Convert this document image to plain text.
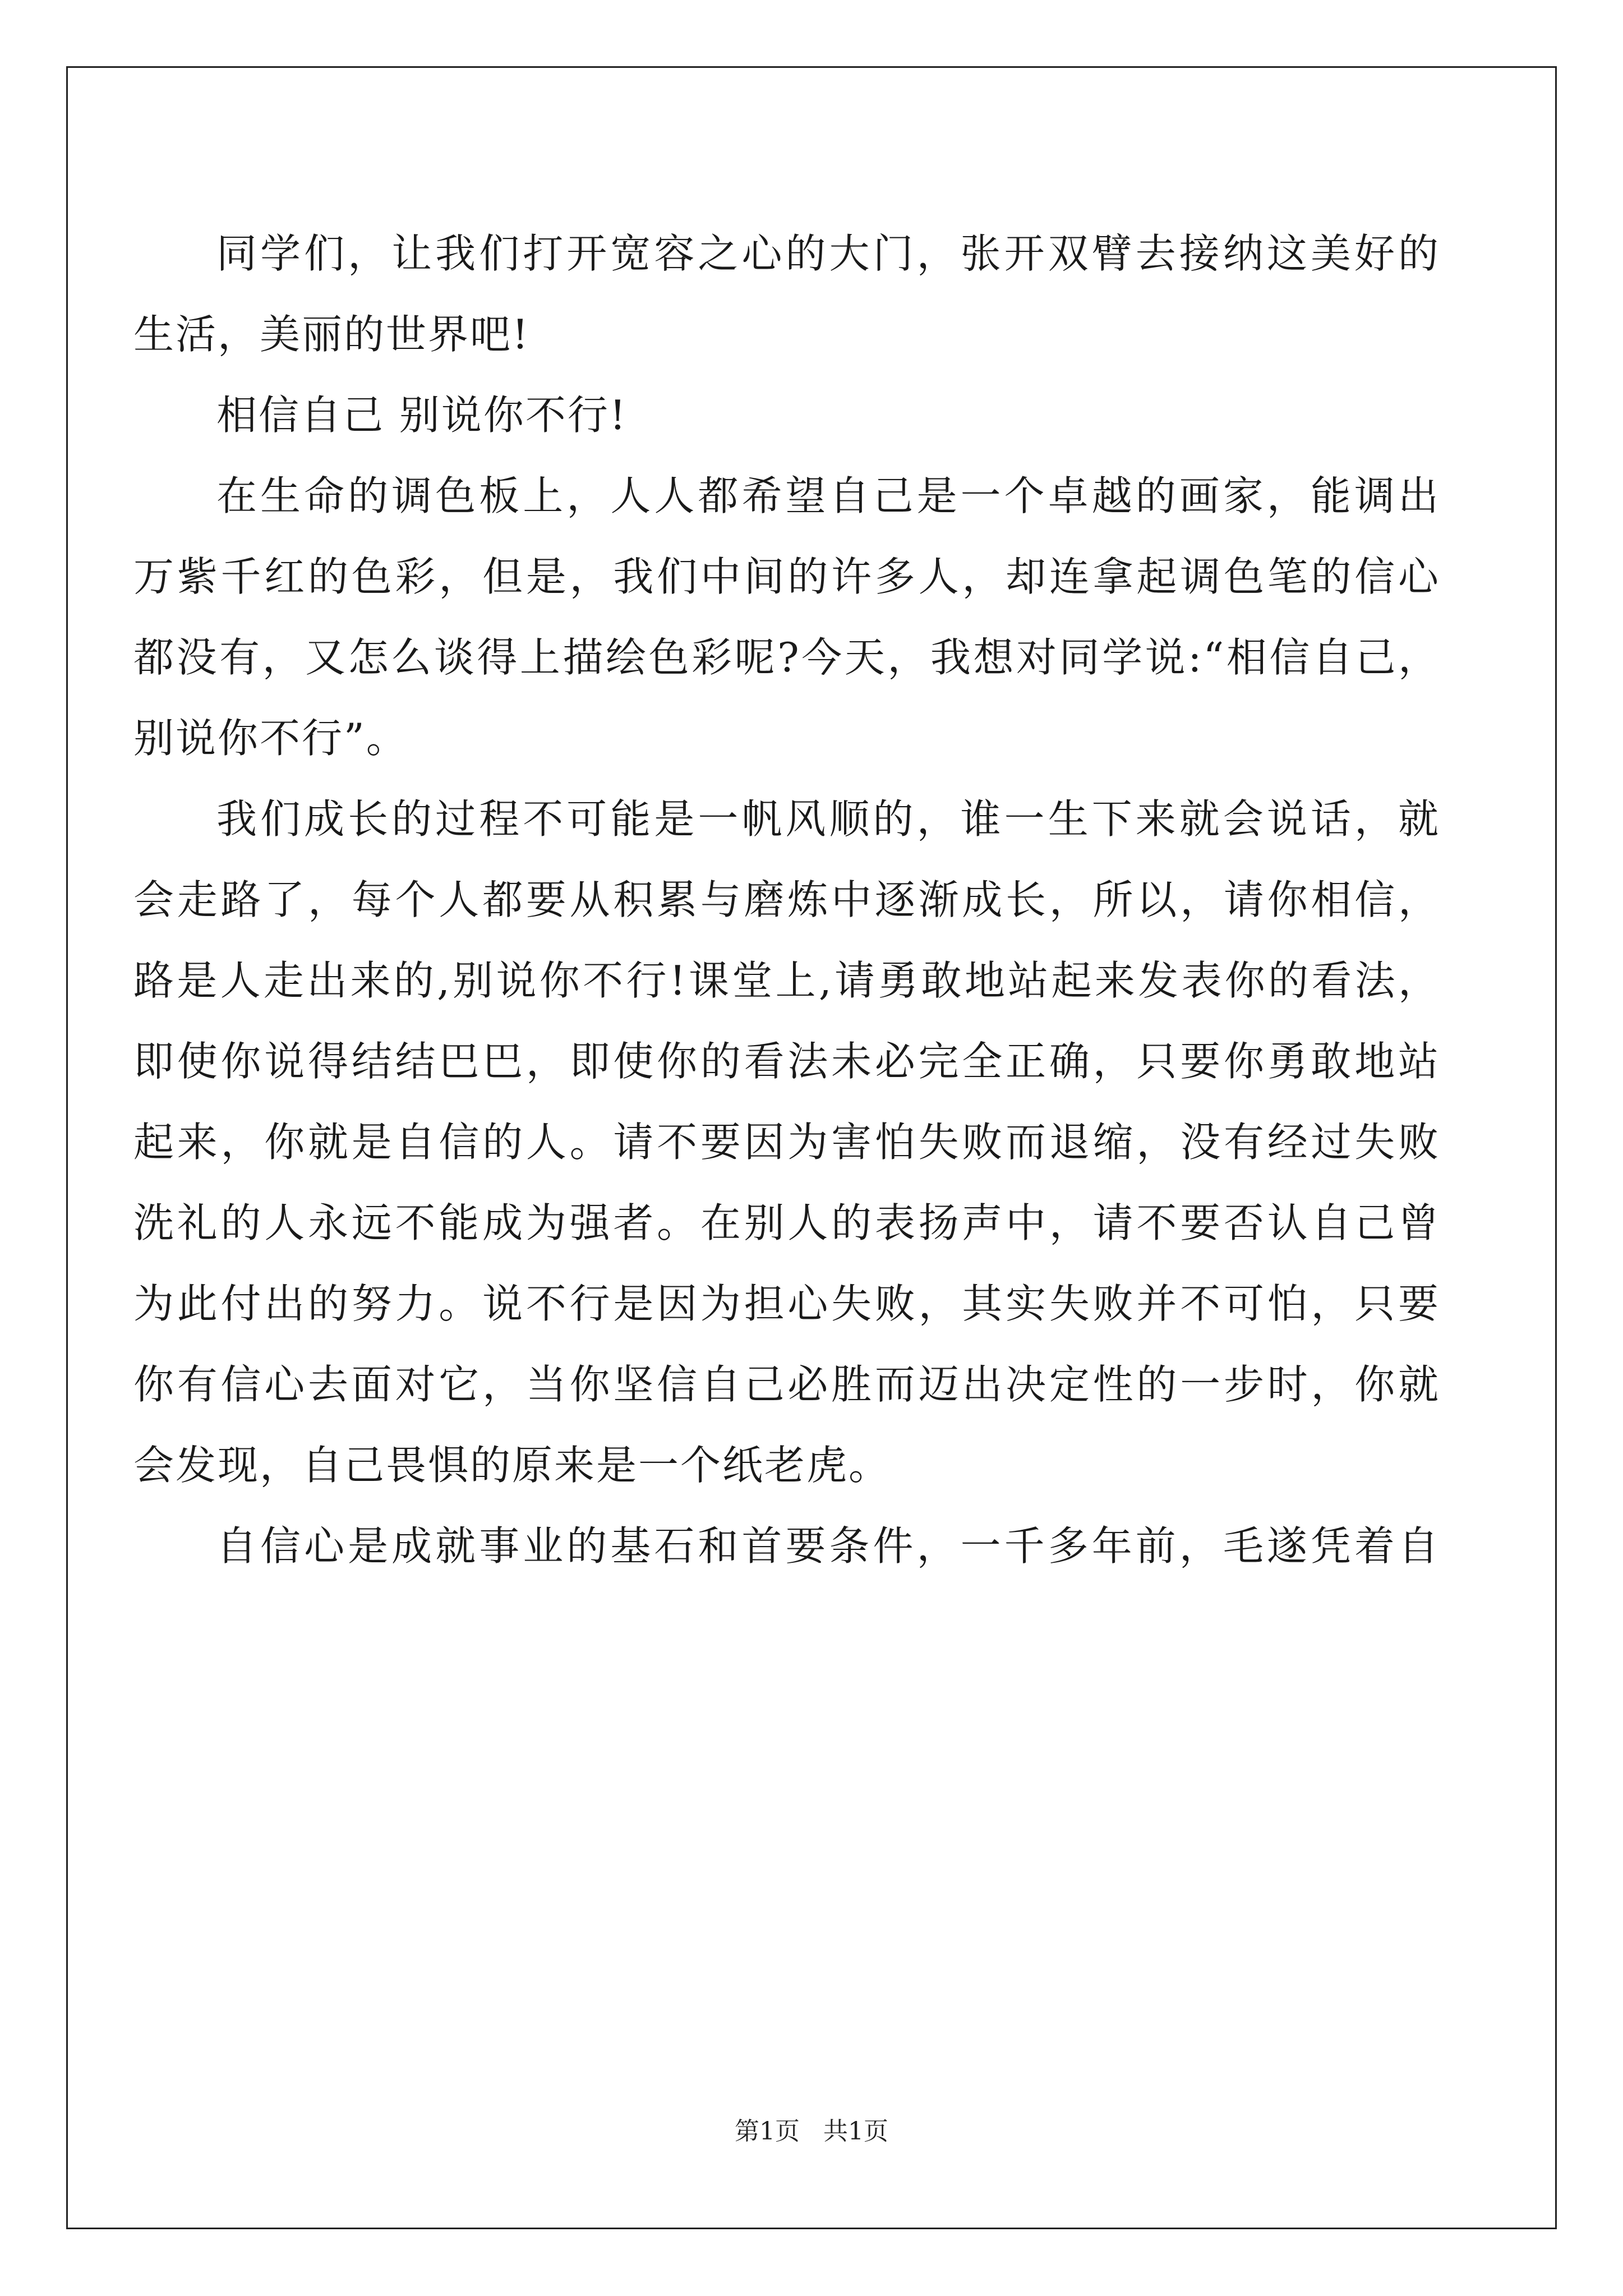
同学们，让我们打开宽容之心的大门，张开双臂去接纳这美好的
生活，美丽的世界吧!
相信自己 别说你不行!
在生命的调色板上，人人都希望自己是一个卓越的画家，能调出
万紫千红的色彩，但是，我们中间的许多人，却连拿起调色笔的信心
都没有，又怎么谈得上描绘色彩呢?今天，我想对同学说:“相信自己，
别说你不行”。
我们成长的过程不可能是一帆风顺的，谁一生下来就会说话，就
会走路了，每个人都要从积累与磨炼中逐渐成长，所以，请你相信，
路是人走出来的,别说你不行!课堂上,请勇敢地站起来发表你的看法，
即使你说得结结巴巴，即使你的看法未必完全正确，只要你勇敢地站
起来，你就是自信的人。请不要因为害怕失败而退缩，没有经过失败
洗礼的人永远不能成为强者。在别人的表扬声中，请不要否认自己曾
为此付出的努力。说不行是因为担心失败，其实失败并不可怕，只要
你有信心去面对它，当你坚信自己必胜而迈出决定性的一步时，你就
会发现，自己畏惧的原来是一个纸老虎。
自信心是成就事业的基石和首要条件，一千多年前，毛遂凭着自
第1页 共1页
